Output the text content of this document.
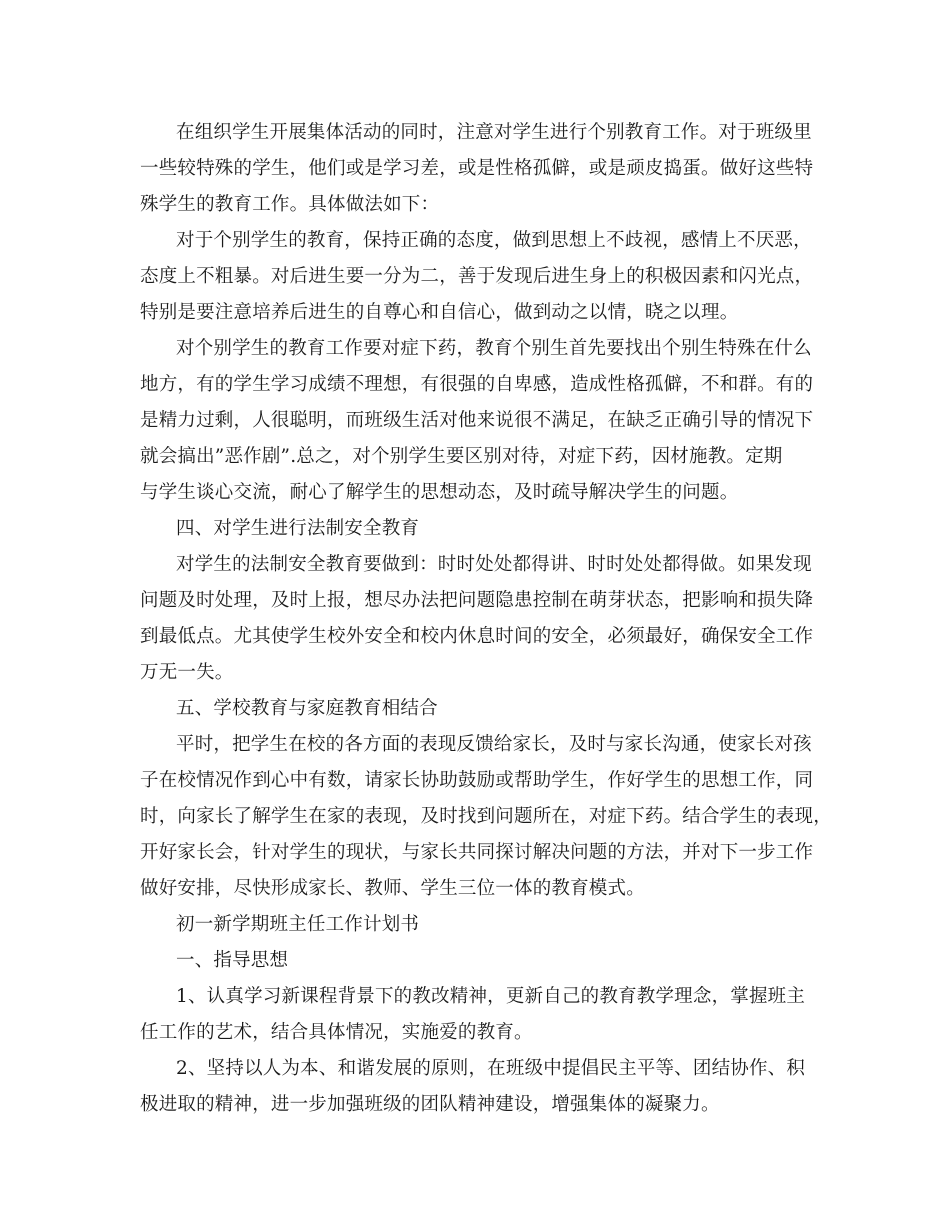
在组织学生开展集体活动的同时，注意对学生进行个别教育工作。对于班级里
一些较特殊的学生，他们或是学习差，或是性格孤僻，或是顽皮捣蛋。做好这些特
殊学生的教育工作。具体做法如下：
对于个别学生的教育，保持正确的态度，做到思想上不歧视，感情上不厌恶，
态度上不粗暴。对后进生要一分为二，善于发现后进生身上的积极因素和闪光点，
特别是要注意培养后进生的自尊心和自信心，做到动之以情，晓之以理。
对个别学生的教育工作要对症下药，教育个别生首先要找出个别生特殊在什么
地方，有的学生学习成绩不理想，有很强的自卑感，造成性格孤僻，不和群。有的
是精力过剩，人很聪明，而班级生活对他来说很不满足，在缺乏正确引导的情况下
就会搞出”恶作剧”.总之，对个别学生要区别对待，对症下药，因材施教。定期
与学生谈心交流，耐心了解学生的思想动态，及时疏导解决学生的问题。
四、对学生进行法制安全教育
对学生的法制安全教育要做到：时时处处都得讲、时时处处都得做。如果发现
问题及时处理，及时上报，想尽办法把问题隐患控制在萌芽状态，把影响和损失降
到最低点。尤其使学生校外安全和校内休息时间的安全，必须最好，确保安全工作
万无一失。
五、学校教育与家庭教育相结合
平时，把学生在校的各方面的表现反馈给家长，及时与家长沟通，使家长对孩
子在校情况作到心中有数，请家长协助鼓励或帮助学生，作好学生的思想工作，同
时，向家长了解学生在家的表现，及时找到问题所在，对症下药。结合学生的表现，
开好家长会，针对学生的现状，与家长共同探讨解决问题的方法，并对下一步工作
做好安排，尽快形成家长、教师、学生三位一体的教育模式。
初一新学期班主任工作计划书
一、指导思想
1、认真学习新课程背景下的教改精神，更新自己的教育教学理念，掌握班主
任工作的艺术，结合具体情况，实施爱的教育。
2、坚持以人为本、和谐发展的原则，在班级中提倡民主平等、团结协作、积
极进取的精神，进一步加强班级的团队精神建设，增强集体的凝聚力。
